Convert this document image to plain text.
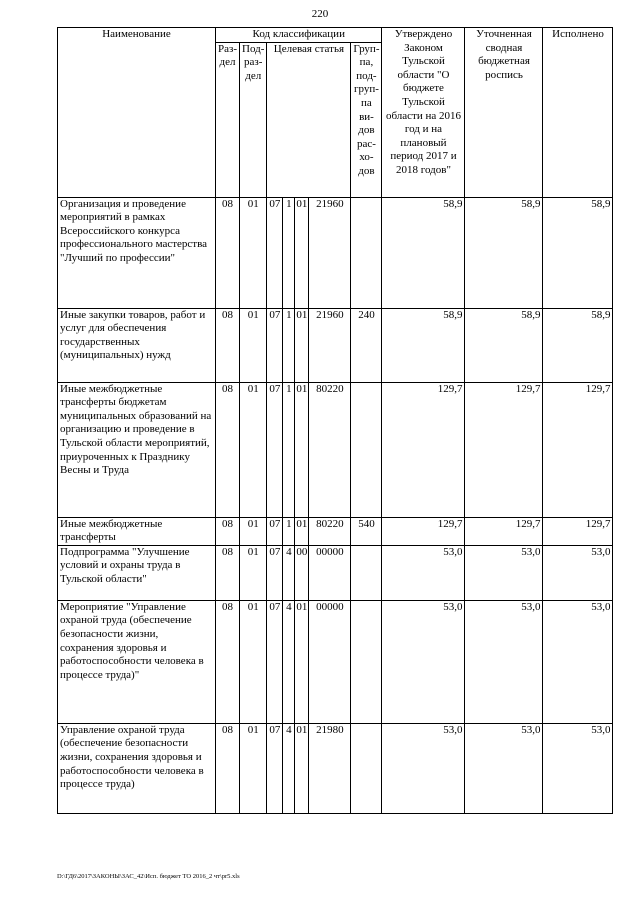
220
Наименование	Код классификации							Утверждено Законом Тульской области "О бюджете Тульской области на 2016 год и на плановый период 2017 и 2018 годов"	Уточненная сводная бюджетная роспись	Исполнено
	Раз-дел	Под-раз-дел	Целевая статья				Груп-па, под-груп-па ви-дов рас-хо-дов			
Организация и проведение мероприятий в рамках Всероссийского конкурса профессионального мастерства "Лучший по профессии"	08	01	07	1	01	21960		58,9	58,9	58,9
Иные закупки товаров, работ и услуг для обеспечения государственных (муниципальных) нужд	08	01	07	1	01	21960	240	58,9	58,9	58,9
Иные межбюджетные трансферты бюджетам муниципальных образований на организацию и проведение в Тульской области мероприятий, приуроченных к Празднику Весны и Труда	08	01	07	1	01	80220		129,7	129,7	129,7
Иные межбюджетные трансферты	08	01	07	1	01	80220	540	129,7	129,7	129,7
Подпрограмма "Улучшение условий и охраны труда в Тульской области"	08	01	07	4	00	00000		53,0	53,0	53,0
Мероприятие "Управление охраной труда (обеспечение безопасности жизни, сохранения здоровья и работоспособности человека в процессе труда)"	08	01	07	4	01	00000		53,0	53,0	53,0
Управление охраной труда (обеспечение безопасности жизни, сохранения здоровья и работоспособности человека в процессе труда)	08	01	07	4	01	21980		53,0	53,0	53,0
D:\ГД6\2017\ЗАКОНЫ\ЗАС_42\Исп. бюджет ТО 2016_2 чт\pr5.xls
